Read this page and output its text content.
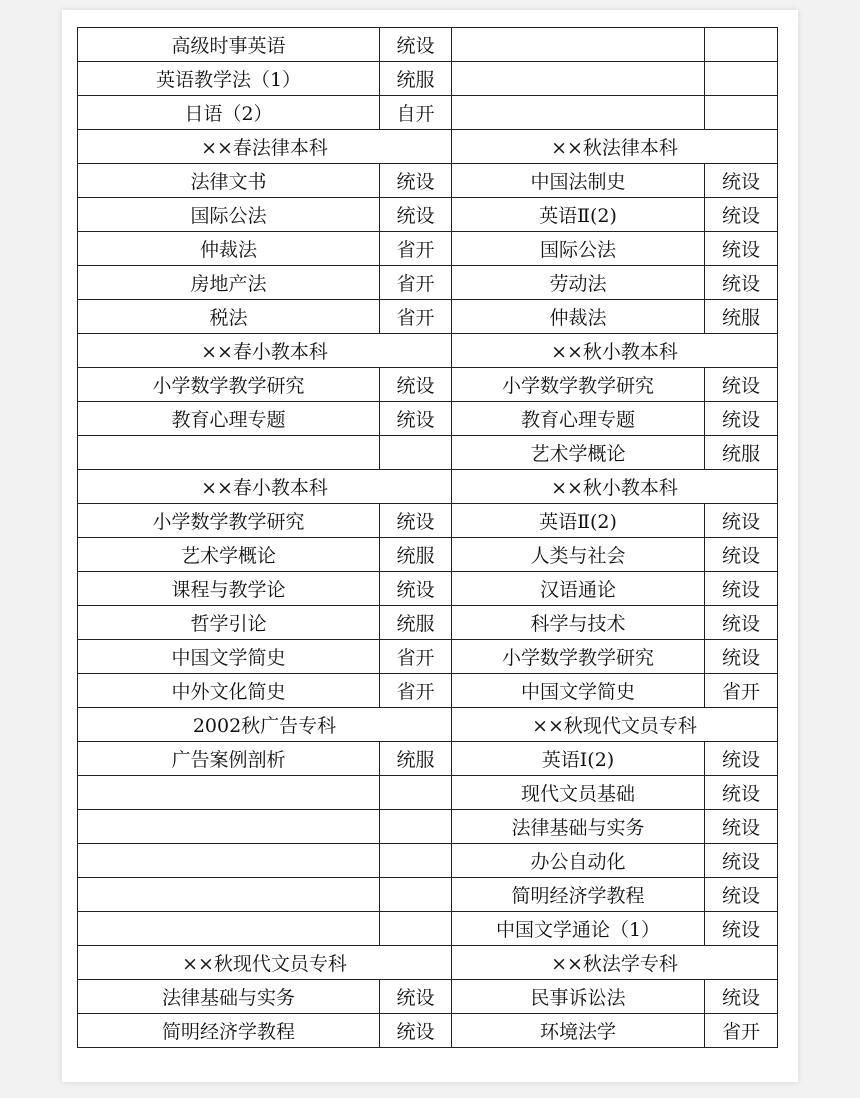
高级时事英语	统设		
英语教学法（1）	统服		
日语（2）	自开		
××春法律本科		××秋法律本科	
法律文书	统设	中国法制史	统设
国际公法	统设	英语Ⅱ(2)	统设
仲裁法	省开	国际公法	统设
房地产法	省开	劳动法	统设
税法	省开	仲裁法	统服
××春小教本科		××秋小教本科	
小学数学教学研究	统设	小学数学教学研究	统设
教育心理专题	统设	教育心理专题	统设
		艺术学概论	统服
××春小教本科		××秋小教本科	
小学数学教学研究	统设	英语Ⅱ(2)	统设
艺术学概论	统服	人类与社会	统设
课程与教学论	统设	汉语通论	统设
哲学引论	统服	科学与技术	统设
中国文学简史	省开	小学数学教学研究	统设
中外文化简史	省开	中国文学简史	省开
2002秋广告专科		××秋现代文员专科	
广告案例剖析	统服	英语Ⅰ(2)	统设
		现代文员基础	统设
		法律基础与实务	统设
		办公自动化	统设
		简明经济学教程	统设
		中国文学通论（1）	统设
××秋现代文员专科		××秋法学专科	
法律基础与实务	统设	民事诉讼法	统设
简明经济学教程	统设	环境法学	省开
